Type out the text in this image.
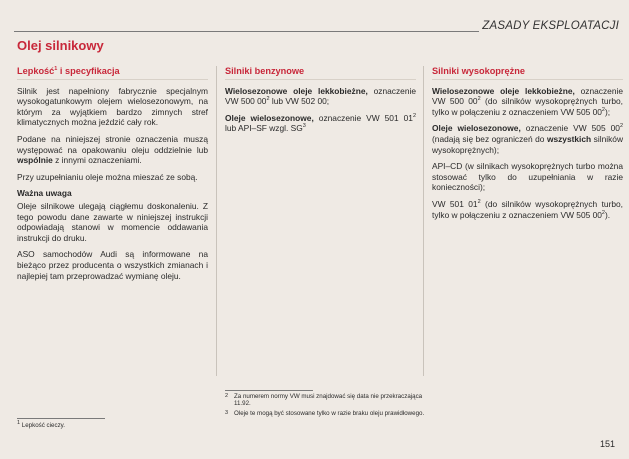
ZASADY EKSPLOATACJI
Olej silnikowy
Lepkość$^1$ i specyfikacja

Silnik jest napełniony fabrycznie specjalnym wysokogatunkowym olejem wielosezonowym, na którym za wyjątkiem bardzo zimnych stref klimatycznych można jeździć cały rok.

Podane na niniejszej stronie oznaczenia muszą występować na opakowaniu oleju oddzielnie lub wspólnie z innymi oznaczeniami.

Przy uzupełnianiu oleje można mieszać ze sobą.

Ważna uwaga

Oleje silnikowe ulegają ciągłemu doskonaleniu. Z tego powodu dane zawarte w niniejszej instrukcji odpowiadają stanowi w momencie oddawania instrukcji do druku.

ASO samochodów Audi są informowane na bieżąco przez producenta o wszystkich zmianach i najlepiej tam przeprowadzać wymianę oleju.

Silniki benzynowe

Wielosezonowe oleje lekkobieżne, oznaczenie VW 500 $00^2$ lub VW 502 00;

Oleje wielosezonowe, oznaczenie VW 501 $01^2$ lub API–SF wzgl. $SG^3$

Silniki wysokoprężne

Wielosezonowe oleje lekkobieżne, oznaczenie VW 500 $00^2$ (do silników wysokoprężnych turbo, tylko w połączeniu z oznaczeniem VW 505 $00^2$);

Oleje wielosezonowe, oznaczenie VW 505 $00^2$ (nadają się bez ograniczeń do wszystkich silników wysokoprężnych);

API–CD (w silnikach wysokoprężnych turbo można stosować tylko do uzupełniania w razie konieczności);

VW 501 $01^2$ (do silników wysokoprężnych turbo, tylko w połączeniu z oznaczeniem VW 505 $00^2$).

2 Za numerem normy VW musi znajdować się data nie przekraczająca 11.92.
3 Oleje te mogą być stosowane tylko w razie braku oleju prawidłowego.
$^1$ Lepkość cieczy.
151
